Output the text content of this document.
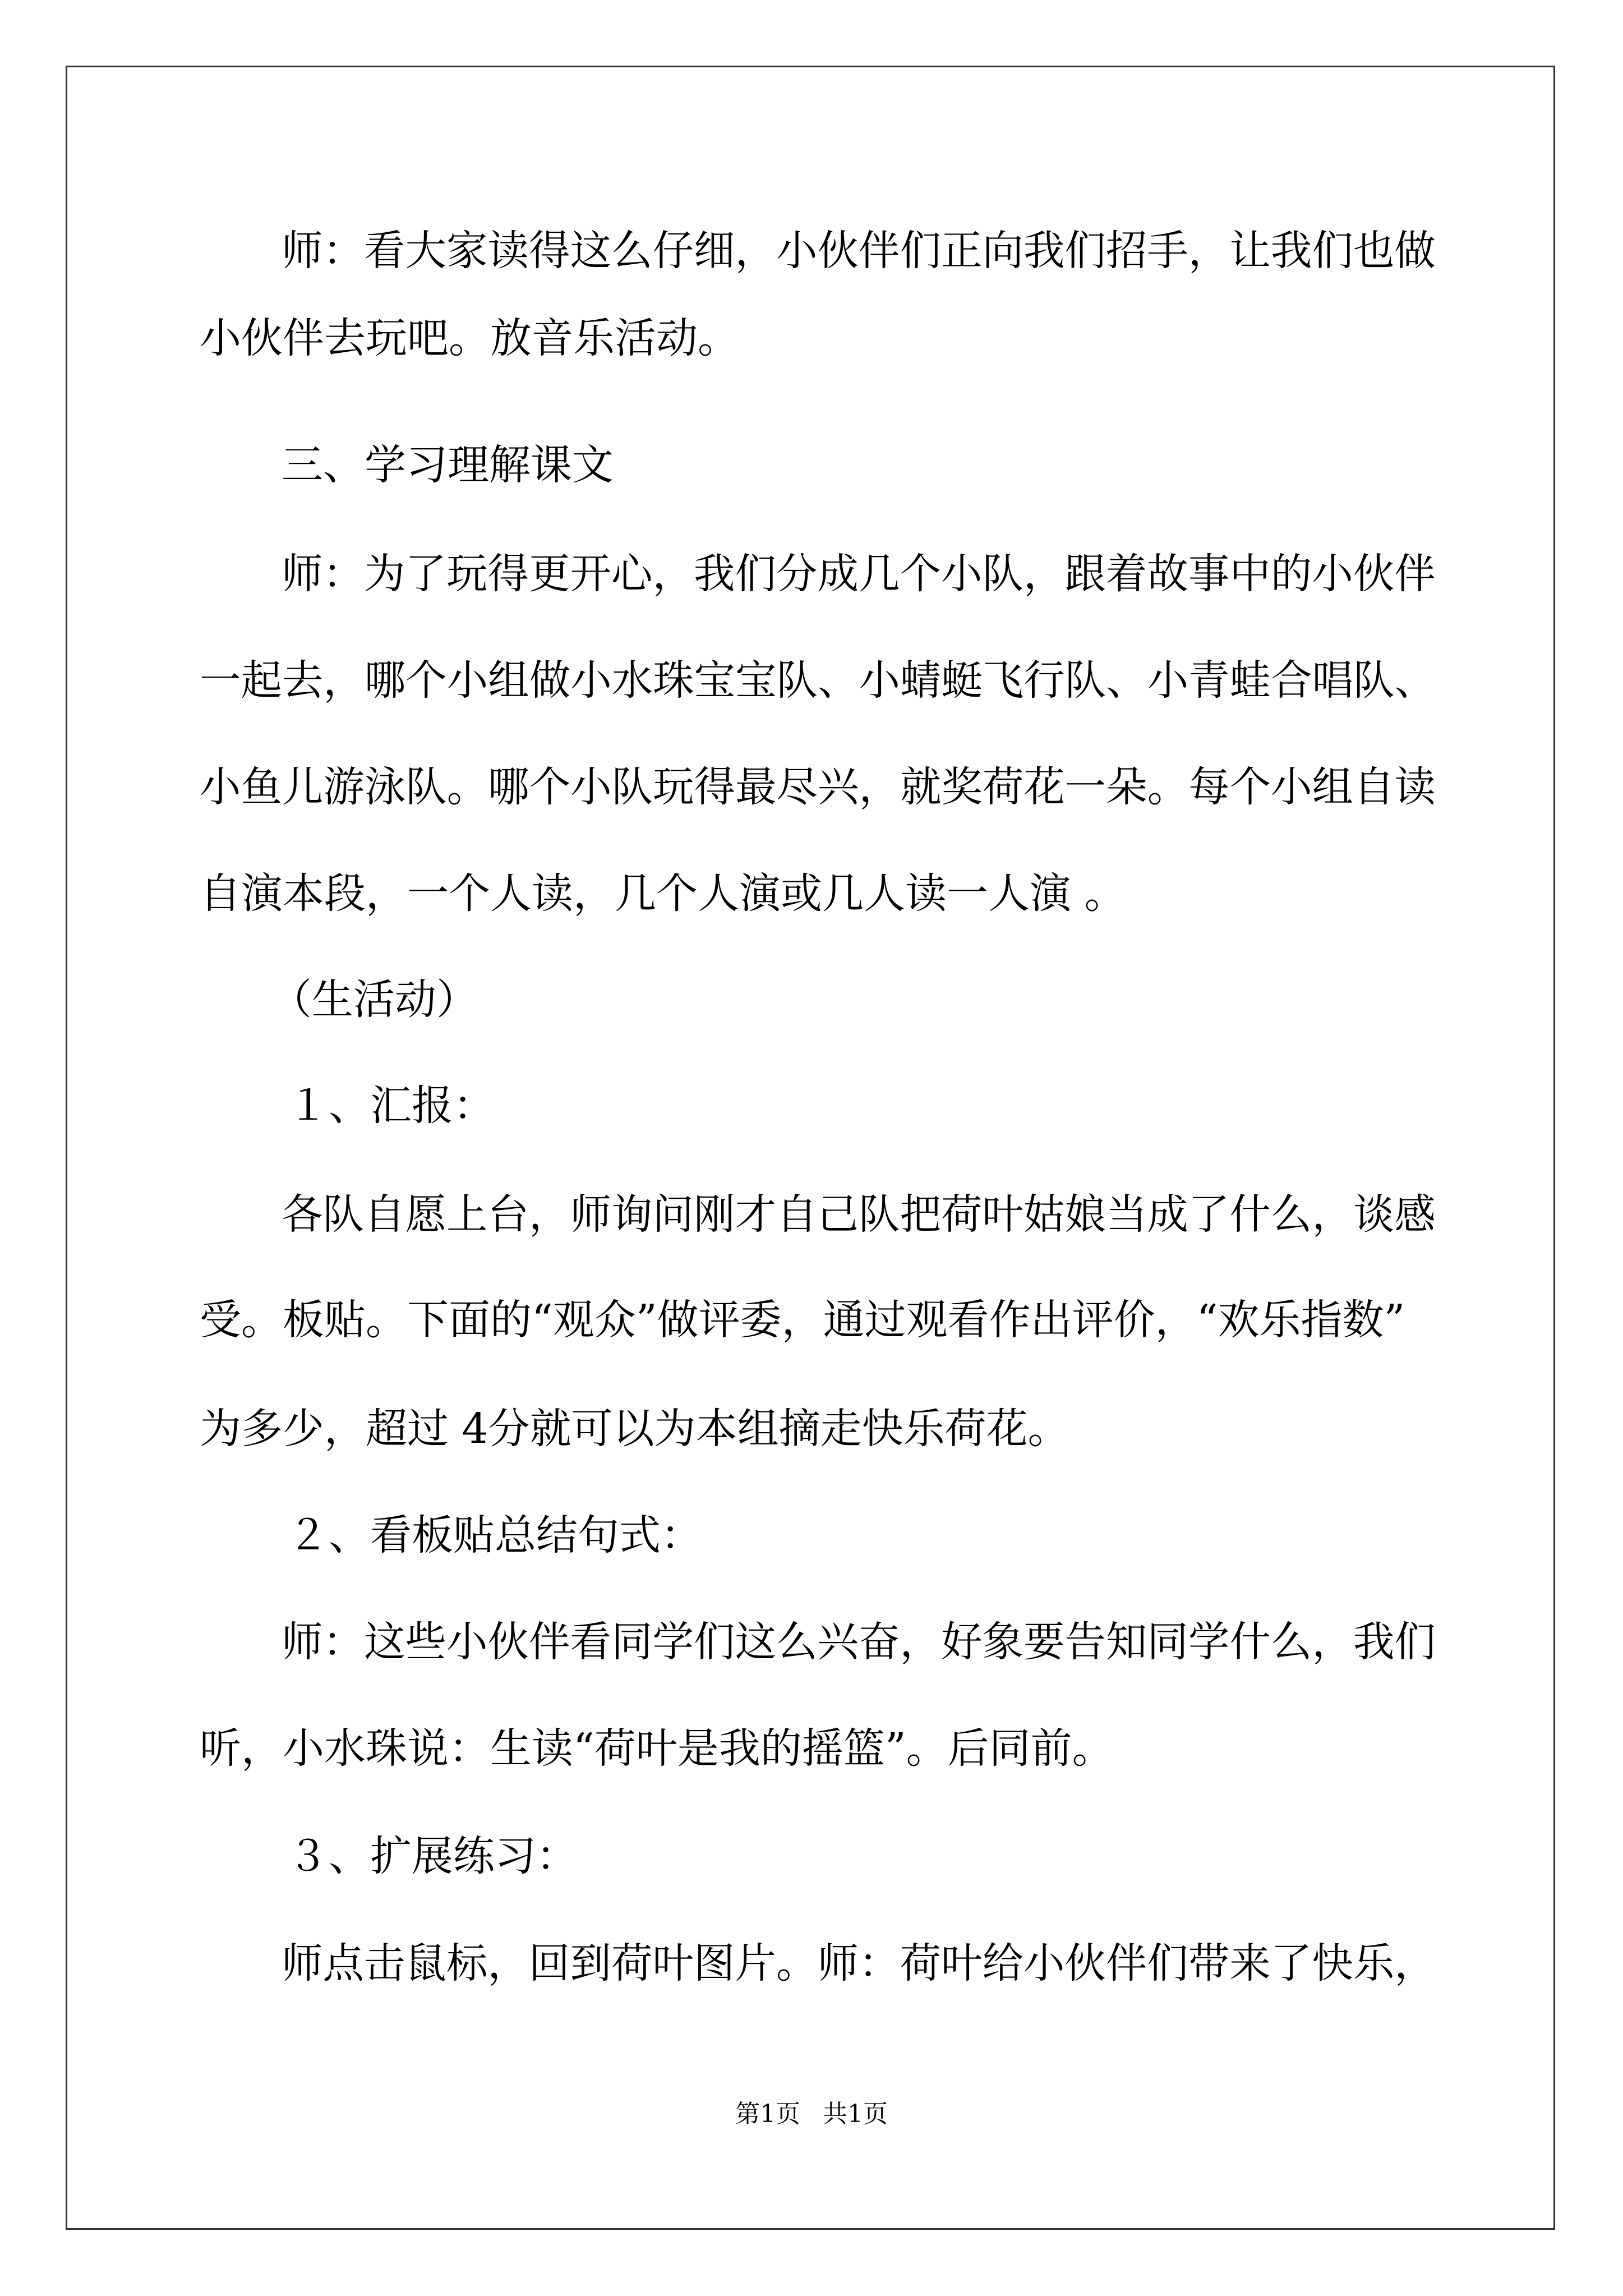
师：看大家读得这么仔细，小伙伴们正向我们招手，让我们也做

小伙伴去玩吧。放音乐活动。

三、学习理解课文

师：为了玩得更开心，我们分成几个小队，跟着故事中的小伙伴

一起去，哪个小组做小水珠宝宝队、小蜻蜓飞行队、小青蛙合唱队、

小鱼儿游泳队。哪个小队玩得最尽兴，就奖荷花一朵。每个小组自读

自演本段，一个人读，几个人演或几人读一人演 。

（生活动）

１、汇报：

各队自愿上台，师询问刚才自己队把荷叶姑娘当成了什么，谈感

受。板贴。下面的“观众”做评委，通过观看作出评价，“欢乐指数”

为多少，超过 4分就可以为本组摘走快乐荷花。

２、看板贴总结句式：

师：这些小伙伴看同学们这么兴奋，好象要告知同学什么，我们

听，小水珠说：生读“荷叶是我的摇篮”。后同前。

３、扩展练习：

师点击鼠标，回到荷叶图片。师：荷叶给小伙伴们带来了快乐，

第1页 共1页
